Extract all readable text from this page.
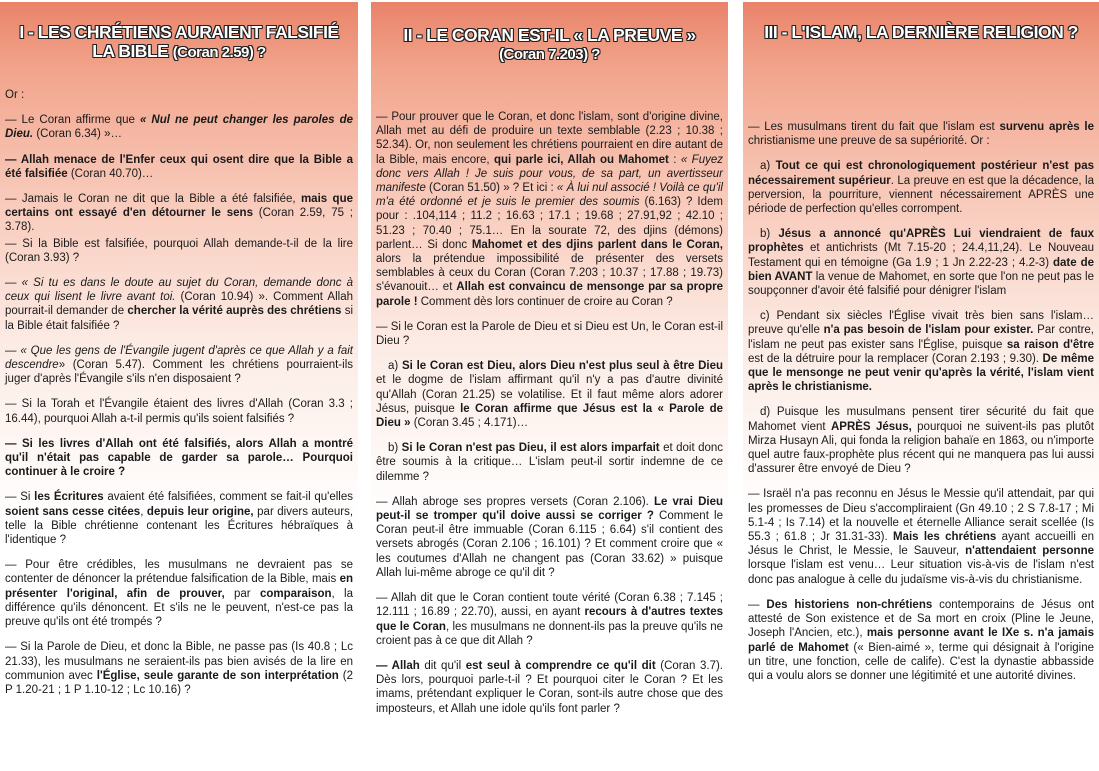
I - LES CHRÉTIENS AURAIENT FALSIFIÉ
LA BIBLE (Coran 2.59) ?
Or :
— Le Coran affirme que « Nul ne peut changer les paroles de Dieu. (Coran 6.34) »…
— Allah menace de l'Enfer ceux qui osent dire que la Bible a été falsifiée (Coran 40.70)…
— Jamais le Coran ne dit que la Bible a été falsifiée, mais que certains ont essayé d'en détourner le sens (Coran 2.59, 75 ; 3.78).
— Si la Bible est falsifiée, pourquoi Allah demande-t-il de la lire (Coran 3.93) ?
— « Si tu es dans le doute au sujet du Coran, demande donc à ceux qui lisent le livre avant toi. (Coran 10.94) ». Comment Allah pourrait-il demander de chercher la vérité auprès des chrétiens si la Bible était falsifiée ?
— « Que les gens de l'Évangile jugent d'après ce que Allah y a fait descendre» (Coran 5.47). Comment les chrétiens pourraient-ils juger d'après l'Évangile s'ils n'en disposaient ?
— Si la Torah et l'Évangile étaient des livres d'Allah (Coran 3.3 ; 16.44), pourquoi Allah a-t-il permis qu'ils soient falsifiés ?
— Si les livres d'Allah ont été falsifiés, alors Allah a montré qu'il n'était pas capable de garder sa parole… Pourquoi continuer à le croire ?
— Si les Écritures avaient été falsifiées, comment se fait-il qu'elles soient sans cesse citées, depuis leur origine, par divers auteurs, telle la Bible chrétienne contenant les Écritures hébraïques à l'identique ?
— Pour être crédibles, les musulmans ne devraient pas se contenter de dénoncer la prétendue falsification de la Bible, mais en présenter l'original, afin de prouver, par comparaison, la différence qu'ils dénoncent. Et s'ils ne le peuvent, n'est-ce pas la preuve qu'ils ont été trompés ?
— Si la Parole de Dieu, et donc la Bible, ne passe pas (Is 40.8 ; Lc 21.33), les musulmans ne seraient-ils pas bien avisés de la lire en communion avec l'Église, seule garante de son interprétation (2 P 1.20-21 ; 1 P 1.10-12 ; Lc 10.16) ?
II - LE CORAN EST-IL « LA PREUVE »
(Coran 7.203) ?
— Pour prouver que le Coran, et donc l'islam, sont d'origine divine, Allah met au défi de produire un texte semblable (2.23 ; 10.38 ; 52.34). Or, non seulement les chrétiens pourraient en dire autant de la Bible, mais encore, qui parle ici, Allah ou Mahomet : « Fuyez donc vers Allah ! Je suis pour vous, de sa part, un avertisseur manifeste (Coran 51.50) » ? Et ici : « À lui nul associé ! Voilà ce qu'il m'a été ordonné et je suis le premier des soumis (6.163) ? Idem pour : .104,114 ; 11.2 ; 16.63 ; 17.1 ; 19.68 ; 27.91,92 ; 42.10 ; 51.23 ; 70.40 ; 75.1… En la sourate 72, des djins (démons) parlent… Si donc Mahomet et des djins parlent dans le Coran, alors la prétendue impossibilité de présenter des versets semblables à ceux du Coran (Coran 7.203 ; 10.37 ; 17.88 ; 19.73) s'évanouit… et Allah est convaincu de mensonge par sa propre parole ! Comment dès lors continuer de croire au Coran ?
— Si le Coran est la Parole de Dieu et si Dieu est Un, le Coran est-il Dieu ?
a) Si le Coran est Dieu, alors Dieu n'est plus seul à être Dieu et le dogme de l'islam affirmant qu'il n'y a pas d'autre divinité qu'Allah (Coran 21.25) se volatilise. Et il faut même alors adorer Jésus, puisque le Coran affirme que Jésus est la « Parole de Dieu » (Coran 3.45 ; 4.171)…
b) Si le Coran n'est pas Dieu, il est alors imparfait et doit donc être soumis à la critique… L'islam peut-il sortir indemne de ce dilemme ?
— Allah abroge ses propres versets (Coran 2.106). Le vrai Dieu peut-il se tromper qu'il doive aussi se corriger ? Comment le Coran peut-il être immuable (Coran 6.115 ; 6.64) s'il contient des versets abrogés (Coran 2.106 ; 16.101) ? Et comment croire que « les coutumes d'Allah ne changent pas (Coran 33.62) » puisque Allah lui-même abroge ce qu'il dit ?
— Allah dit que le Coran contient toute vérité (Coran 6.38 ; 7.145 ; 12.111 ; 16.89 ; 22.70), aussi, en ayant recours à d'autres textes que le Coran, les musulmans ne donnent-ils pas la preuve qu'ils ne croient pas à ce que dit Allah ?
— Allah dit qu'il est seul à comprendre ce qu'il dit (Coran 3.7). Dès lors, pourquoi parle-t-il ? Et pourquoi citer le Coran ? Et les imams, prétendant expliquer le Coran, sont-ils autre chose que des imposteurs, et Allah une idole qu'ils font parler ?
III - L'ISLAM, LA DERNIÈRE RELIGION ?
— Les musulmans tirent du fait que l'islam est survenu après le christianisme une preuve de sa supériorité. Or :
a) Tout ce qui est chronologiquement postérieur n'est pas nécessairement supérieur. La preuve en est que la décadence, la perversion, la pourriture, viennent nécessairement APRÈS une période de perfection qu'elles corrompent.
b) Jésus a annoncé qu'APRÈS Lui viendraient de faux prophètes et antichrists (Mt 7.15-20 ; 24.4,11,24). Le Nouveau Testament qui en témoigne (Ga 1.9 ; 1 Jn 2.22-23 ; 4.2-3) date de bien AVANT la venue de Mahomet, en sorte que l'on ne peut pas le soupçonner d'avoir été falsifié pour dénigrer l'islam
c) Pendant six siècles l'Église vivait très bien sans l'islam… preuve qu'elle n'a pas besoin de l'islam pour exister. Par contre, l'islam ne peut pas exister sans l'Église, puisque sa raison d'être est de la détruire pour la remplacer (Coran 2.193 ; 9.30). De même que le mensonge ne peut venir qu'après la vérité, l'islam vient après le christianisme.
d) Puisque les musulmans pensent tirer sécurité du fait que Mahomet vient APRÈS Jésus, pourquoi ne suivent-ils pas plutôt Mirza Husayn Ali, qui fonda la religion bahaïe en 1863, ou n'importe quel autre faux-prophète plus récent qui ne manquera pas lui aussi d'assurer être envoyé de Dieu ?
— Israël n'a pas reconnu en Jésus le Messie qu'il attendait, par qui les promesses de Dieu s'accompliraient (Gn 49.10 ; 2 S 7.8-17 ; Mi 5.1-4 ; Is 7.14) et la nouvelle et éternelle Alliance serait scellée (Is 55.3 ; 61.8 ; Jr 31.31-33). Mais les chrétiens ayant accueilli en Jésus le Christ, le Messie, le Sauveur, n'attendaient personne lorsque l'islam est venu… Leur situation vis-à-vis de l'islam n'est donc pas analogue à celle du judaïsme vis-à-vis du christianisme.
— Des historiens non-chrétiens contemporains de Jésus ont attesté de Son existence et de Sa mort en croix (Pline le Jeune, Joseph l'Ancien, etc.), mais personne avant le IXe s. n'a jamais parlé de Mahomet (« Bien-aimé », terme qui désignait à l'origine un titre, une fonction, celle de calife). C'est la dynastie abbasside qui a voulu alors se donner une légitimité et une autorité divines.
